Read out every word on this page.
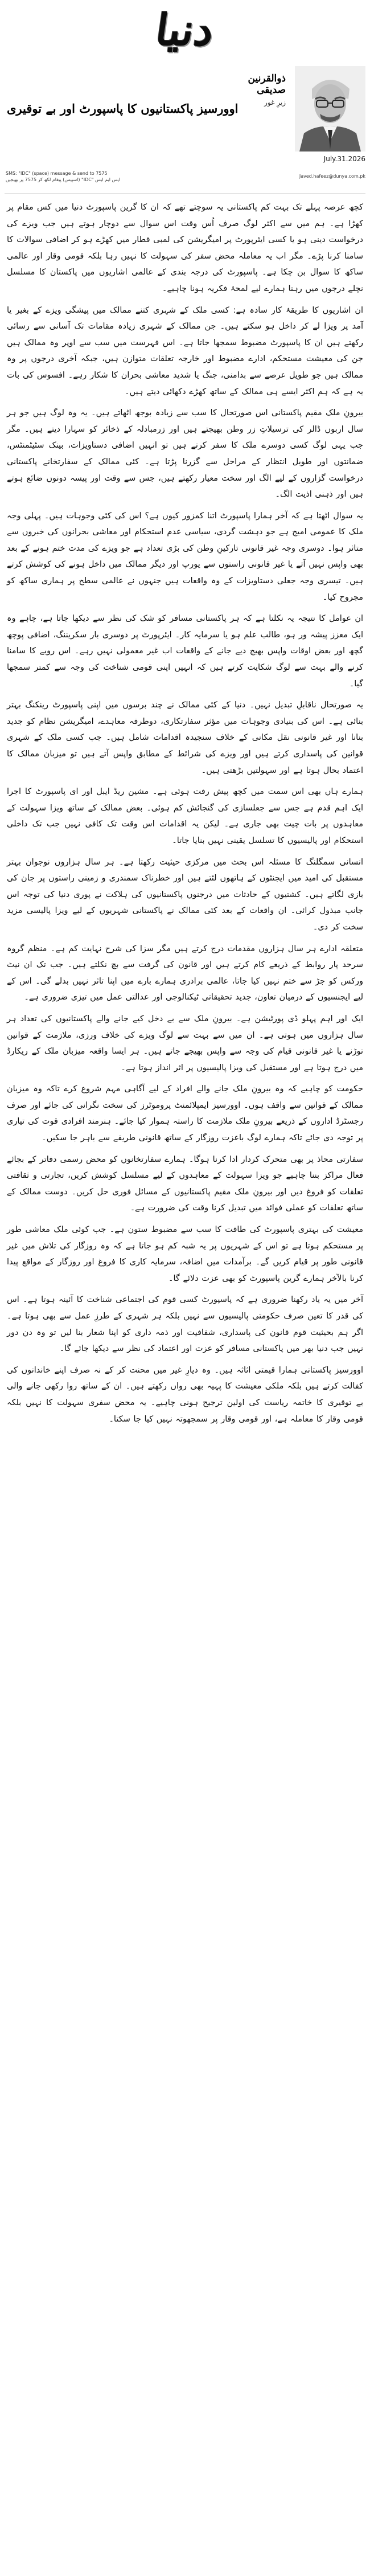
دنیا
ذوالقرنین صدیقی
زیرِ غور
اوورسیز پاکستانیوں کا پاسپورٹ اور بے توقیری
July.31.2026
SMS: "IDC" (space) message & send to 7575
ایس ایم ایس "IDC" (اسپیس) پیغام لکھ کر 7575 پر بھیجیں
Javed.hafeez@dunya.com.pk

کچھ عرصہ پہلے تک بہت کم پاکستانی یہ سوچتے تھے کہ ان کا گرین پاسپورٹ دنیا میں کس مقام پر کھڑا ہے۔ ہم میں سے اکثر لوگ صرف اُس وقت اس سوال سے دوچار ہوتے ہیں جب ویزے کی درخواست دینی ہو یا کسی ایئرپورٹ پر امیگریشن کی لمبی قطار میں کھڑے ہو کر اضافی سوالات کا سامنا کرنا پڑے۔ مگر اب یہ معاملہ محض سفر کی سہولت کا نہیں رہا بلکہ قومی وقار اور عالمی ساکھ کا سوال بن چکا ہے۔ پاسپورٹ کی درجہ بندی کے عالمی اشاریوں میں پاکستان کا مسلسل نچلے درجوں میں رہنا ہمارے لیے لمحۂ فکریہ ہونا چاہیے۔

ان اشاریوں کا طریقۂ کار سادہ ہے: کسی ملک کے شہری کتنے ممالک میں پیشگی ویزے کے بغیر یا آمد پر ویزا لے کر داخل ہو سکتے ہیں۔ جن ممالک کے شہری زیادہ مقامات تک آسانی سے رسائی رکھتے ہیں ان کا پاسپورٹ مضبوط سمجھا جاتا ہے۔ اس فہرست میں سب سے اوپر وہ ممالک ہیں جن کی معیشت مستحکم، ادارے مضبوط اور خارجہ تعلقات متوازن ہیں، جبکہ آخری درجوں پر وہ ممالک ہیں جو طویل عرصے سے بدامنی، جنگ یا شدید معاشی بحران کا شکار رہے۔ افسوس کی بات یہ ہے کہ ہم اکثر ایسے ہی ممالک کے ساتھ کھڑے دکھائی دیتے ہیں۔

بیرونِ ملک مقیم پاکستانی اس صورتحال کا سب سے زیادہ بوجھ اٹھاتے ہیں۔ یہ وہ لوگ ہیں جو ہر سال اربوں ڈالر کی ترسیلاتِ زر وطن بھیجتے ہیں اور زرمبادلہ کے ذخائر کو سہارا دیتے ہیں۔ مگر جب یہی لوگ کسی دوسرے ملک کا سفر کرتے ہیں تو انہیں اضافی دستاویزات، بینک سٹیٹمنٹس، ضمانتوں اور طویل انتظار کے مراحل سے گزرنا پڑتا ہے۔ کئی ممالک کے سفارتخانے پاکستانی درخواست گزاروں کے لیے الگ اور سخت معیار رکھتے ہیں، جس سے وقت اور پیسہ دونوں ضائع ہوتے ہیں اور ذہنی اذیت الگ۔

یہ سوال اٹھتا ہے کہ آخر ہمارا پاسپورٹ اتنا کمزور کیوں ہے؟ اس کی کئی وجوہات ہیں۔ پہلی وجہ ملک کا عمومی امیج ہے جو دہشت گردی، سیاسی عدم استحکام اور معاشی بحرانوں کی خبروں سے متاثر ہوا۔ دوسری وجہ غیر قانونی تارکینِ وطن کی بڑی تعداد ہے جو ویزے کی مدت ختم ہونے کے بعد بھی واپس نہیں آتے یا غیر قانونی راستوں سے یورپ اور دیگر ممالک میں داخل ہونے کی کوشش کرتے ہیں۔ تیسری وجہ جعلی دستاویزات کے وہ واقعات ہیں جنہوں نے عالمی سطح پر ہماری ساکھ کو مجروح کیا۔

ان عوامل کا نتیجہ یہ نکلتا ہے کہ ہر پاکستانی مسافر کو شک کی نظر سے دیکھا جاتا ہے، چاہے وہ ایک معزز پیشہ ور ہو، طالب علم ہو یا سرمایہ کار۔ ایئرپورٹ پر دوسری بار سکریننگ، اضافی پوچھ گچھ اور بعض اوقات واپس بھیج دیے جانے کے واقعات اب غیر معمولی نہیں رہے۔ اس رویے کا سامنا کرنے والے بہت سے لوگ شکایت کرتے ہیں کہ انہیں اپنی قومی شناخت کی وجہ سے کمتر سمجھا گیا۔

یہ صورتحال ناقابلِ تبدیل نہیں۔ دنیا کے کئی ممالک نے چند برسوں میں اپنی پاسپورٹ رینکنگ بہتر بنائی ہے۔ اس کی بنیادی وجوہات میں مؤثر سفارتکاری، دوطرفہ معاہدے، امیگریشن نظام کو جدید بنانا اور غیر قانونی نقل مکانی کے خلاف سنجیدہ اقدامات شامل ہیں۔ جب کسی ملک کے شہری قوانین کی پاسداری کرتے ہیں اور ویزے کی شرائط کے مطابق واپس آتے ہیں تو میزبان ممالک کا اعتماد بحال ہوتا ہے اور سہولتیں بڑھتی ہیں۔

ہمارے ہاں بھی اس سمت میں کچھ پیش رفت ہوئی ہے۔ مشین ریڈ ایبل اور ای پاسپورٹ کا اجرا ایک اہم قدم ہے جس سے جعلسازی کی گنجائش کم ہوئی۔ بعض ممالک کے ساتھ ویزا سہولت کے معاہدوں پر بات چیت بھی جاری ہے۔ لیکن یہ اقدامات اس وقت تک کافی نہیں جب تک داخلی استحکام اور پالیسیوں کا تسلسل یقینی نہیں بنایا جاتا۔

انسانی سمگلنگ کا مسئلہ اس بحث میں مرکزی حیثیت رکھتا ہے۔ ہر سال ہزاروں نوجوان بہتر مستقبل کی امید میں ایجنٹوں کے ہاتھوں لٹتے ہیں اور خطرناک سمندری و زمینی راستوں پر جان کی بازی لگاتے ہیں۔ کشتیوں کے حادثات میں درجنوں پاکستانیوں کی ہلاکت نے پوری دنیا کی توجہ اس جانب مبذول کرائی۔ ان واقعات کے بعد کئی ممالک نے پاکستانی شہریوں کے لیے ویزا پالیسی مزید سخت کر دی۔

متعلقہ ادارے ہر سال ہزاروں مقدمات درج کرتے ہیں مگر سزا کی شرح نہایت کم ہے۔ منظم گروہ سرحد پار روابط کے ذریعے کام کرتے ہیں اور قانون کی گرفت سے بچ نکلتے ہیں۔ جب تک ان نیٹ ورکس کو جڑ سے ختم نہیں کیا جاتا، عالمی برادری ہمارے بارے میں اپنا تاثر نہیں بدلے گی۔ اس کے لیے ایجنسیوں کے درمیان تعاون، جدید تحقیقاتی ٹیکنالوجی اور عدالتی عمل میں تیزی ضروری ہے۔

ایک اور اہم پہلو ڈی پورٹیشن ہے۔ بیرونِ ملک سے بے دخل کیے جانے والے پاکستانیوں کی تعداد ہر سال ہزاروں میں ہوتی ہے۔ ان میں سے بہت سے لوگ ویزے کی خلاف ورزی، ملازمت کے قوانین توڑنے یا غیر قانونی قیام کی وجہ سے واپس بھیجے جاتے ہیں۔ ہر ایسا واقعہ میزبان ملک کے ریکارڈ میں درج ہوتا ہے اور مستقبل کی ویزا پالیسیوں پر اثر انداز ہوتا ہے۔

حکومت کو چاہیے کہ وہ بیرونِ ملک جانے والے افراد کے لیے آگاہی مہم شروع کرے تاکہ وہ میزبان ممالک کے قوانین سے واقف ہوں۔ اوورسیز ایمپلائمنٹ پروموٹرز کی سخت نگرانی کی جائے اور صرف رجسٹرڈ اداروں کے ذریعے بیرونِ ملک ملازمت کا راستہ ہموار کیا جائے۔ ہنرمند افرادی قوت کی تیاری پر توجہ دی جائے تاکہ ہمارے لوگ باعزت روزگار کے ساتھ قانونی طریقے سے باہر جا سکیں۔

سفارتی محاذ پر بھی متحرک کردار ادا کرنا ہوگا۔ ہمارے سفارتخانوں کو محض رسمی دفاتر کے بجائے فعال مراکز بننا چاہیے جو ویزا سہولت کے معاہدوں کے لیے مسلسل کوشش کریں، تجارتی و ثقافتی تعلقات کو فروغ دیں اور بیرونِ ملک مقیم پاکستانیوں کے مسائل فوری حل کریں۔ دوست ممالک کے ساتھ تعلقات کو عملی فوائد میں تبدیل کرنا وقت کی ضرورت ہے۔

معیشت کی بہتری پاسپورٹ کی طاقت کا سب سے مضبوط ستون ہے۔ جب کوئی ملک معاشی طور پر مستحکم ہوتا ہے تو اس کے شہریوں پر یہ شبہ کم ہو جاتا ہے کہ وہ روزگار کی تلاش میں غیر قانونی طور پر قیام کریں گے۔ برآمدات میں اضافہ، سرمایہ کاری کا فروغ اور روزگار کے مواقع پیدا کرنا بالآخر ہمارے گرین پاسپورٹ کو بھی عزت دلائے گا۔

آخر میں یہ یاد رکھنا ضروری ہے کہ پاسپورٹ کسی قوم کی اجتماعی شناخت کا آئینہ ہوتا ہے۔ اس کی قدر کا تعین صرف حکومتی پالیسیوں سے نہیں بلکہ ہر شہری کے طرزِ عمل سے بھی ہوتا ہے۔ اگر ہم بحیثیت قوم قانون کی پاسداری، شفافیت اور ذمہ داری کو اپنا شعار بنا لیں تو وہ دن دور نہیں جب دنیا بھر میں پاکستانی مسافر کو عزت اور اعتماد کی نظر سے دیکھا جائے گا۔

اوورسیز پاکستانی ہمارا قیمتی اثاثہ ہیں۔ وہ دیارِ غیر میں محنت کر کے نہ صرف اپنے خاندانوں کی کفالت کرتے ہیں بلکہ ملکی معیشت کا پہیہ بھی رواں رکھتے ہیں۔ ان کے ساتھ روا رکھی جانے والی بے توقیری کا خاتمہ ریاست کی اولین ترجیح ہونی چاہیے۔ یہ محض سفری سہولت کا نہیں بلکہ قومی وقار کا معاملہ ہے، اور قومی وقار پر سمجھوتہ نہیں کیا جا سکتا۔
